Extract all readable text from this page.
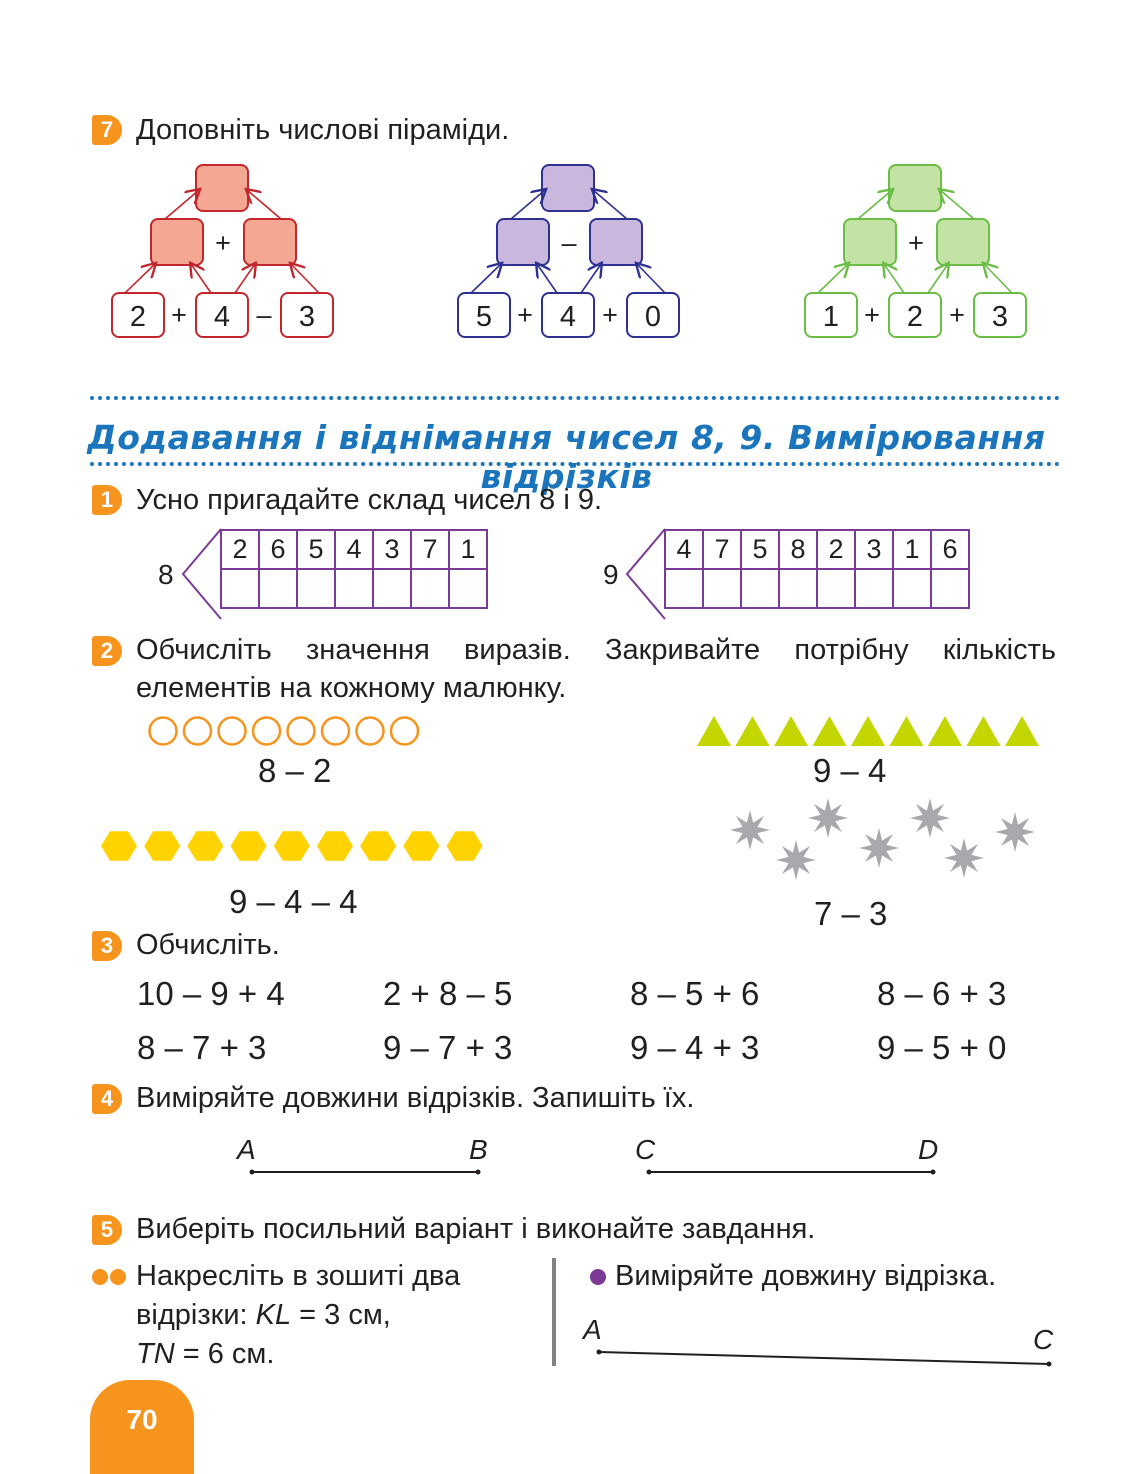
7 Доповніть числові піраміди.
2 4 3
+	–
+
5 4 0
+	+
–
1 2 3
+	+
+
Додавання і віднімання чисел 8, 9. Вимірювання відрізків
1 Усно пригадайте склад чисел 8 і 9.
8
2	6	5	4	3	7	1

9
4	7	5	8	2	3	1	6

2 Обчисліть значення виразів. Закривайте потрібну кількість елементів на кожному малюнку.
8 – 2	9 – 4
9 – 4 – 4	7 – 3
3 Обчисліть.
10 – 9 + 4	2 + 8 – 5	8 – 5 + 6	8 – 6 + 3
8 – 7 + 3	9 – 7 + 3	9 – 4 + 3	9 – 5 + 0
4 Виміряйте довжини відрізків. Запишіть їх.
A	B	C	D
5 Виберіть посильний варіант і виконайте завдання.
Накресліть в зошиті два
відрізки: KL = 3 см,
TN = 6 см.
Виміряйте довжину відрізка.
A	C
70
